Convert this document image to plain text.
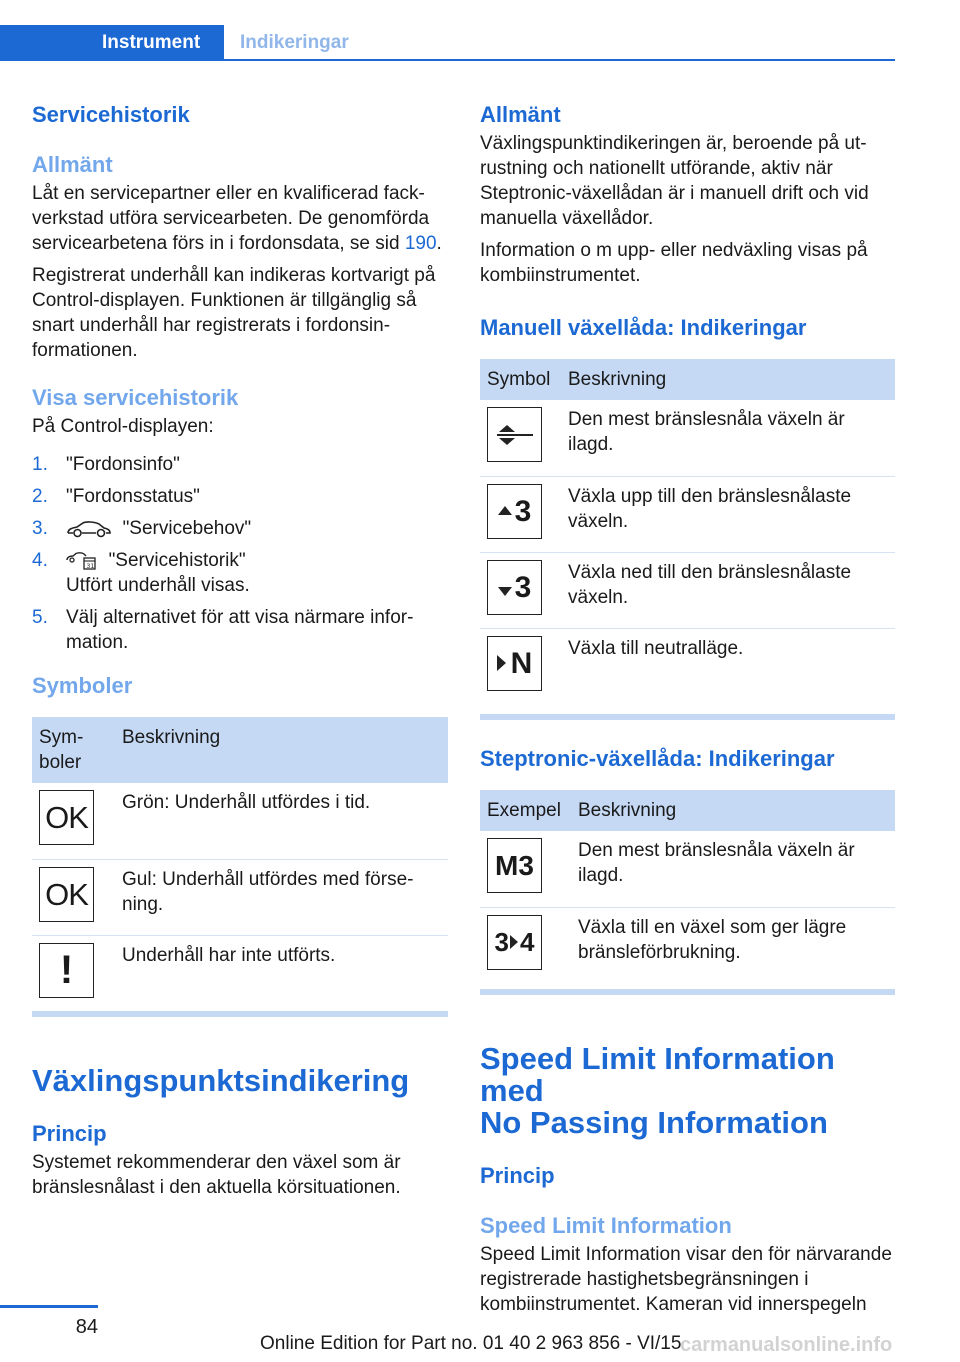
Instrument	Indikeringar
Servicehistorik
Allmänt

Låt en servicepartner eller en kvalificerad fackverkstad utföra servicearbeten. De genomförda servicearbetena förs in i fordonsdata, se sid 190.

Registrerat underhåll kan indikeras kortvarigt på Control-displayen. Funktionen är tillgänglig så snart underhåll har registrerats i fordonsinformationen.

Visa servicehistorik

På Control-displayen:

1. "Fordonsinfo"
2. "Fordonsstatus"
3.	"Servicebehov"
4.	31 "Servicehistorik"
Utfört underhåll visas.
5. Välj alternativet för att visa närmare information.
Symboler
Symboler	Beskrivning

OK	Grön: Underhåll utfördes i tid.

OK	Gul: Underhåll utfördes med försening.

!	Underhåll har inte utförts.
Växlingspunktsindikering
Princip

Systemet rekommenderar den växel som är bränslesnålast i den aktuella körsituationen.

Allmänt

Växlingspunktindikeringen är, beroende på utrustning och nationellt utförande, aktiv när Steptronic-växellådan är i manuell drift och vid manuella växellådor.

Information o m upp- eller nedväxling visas på kombiinstrumentet.

Manuell växellåda: Indikeringar
Symbol	Beskrivning

	Den mest bränslesnåla växeln är ilagd.

3	Växla upp till den bränslesnålaste växeln.

3	Växla ned till den bränslesnålaste växeln.

N	Växla till neutralläge.
Steptronic-växellåda: Indikeringar
Exempel	Beskrivning

M3	Den mest bränslesnåla växeln är ilagd.

3 4	Växla till en växel som ger lägre bränsleförbrukning.
Speed Limit Information med
No Passing Information
Princip
Speed Limit Information

Speed Limit Information visar den för närvarande registrerade hastighetsbegränsningen i kombiinstrumentet. Kameran vid innerspegeln

84
Online Edition for Part no. 01 40 2 963 856 - VI/15
carmanualsonline.info
